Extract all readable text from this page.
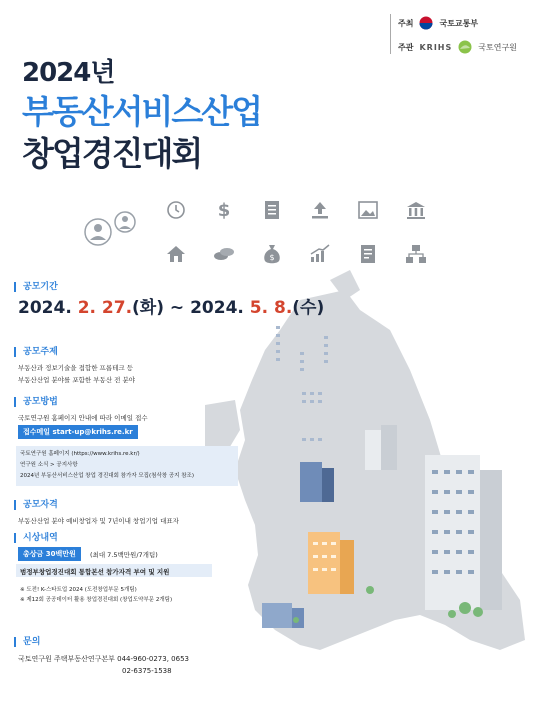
주최	국토교통부
주관 KRIHS	국토연구원
2024년
부동산서비스산업
창업경진대회
$
$
공모기간
2024. 2. 27.(화) ~ 2024. 5. 8.(수)
공모주제
부동산과 정보기술을 접합한 프롭테크 등
부동산산업 분야를 포함한 부동산 전 분야
공모방법
국토연구원 홈페이지 안내에 따라 이메일 접수
접수메일 start-up@krihs.re.kr
국토연구원 홈페이지 (https://www.krihs.re.kr/)
연구원 소식 > 공지사항
2024년 부동산서비스산업 창업 경진대회 참가자 모집(첨삭창 공지 참조)
공모자격
부동산산업 분야 예비창업자 및 7년이내 창업기업 대표자
시상내역
총상금 30백만원	(최대 7.5백만원/7개팀)
범정부창업경진대회 통합본선 참가자격 부여 및 지원
※ 도전! K-스타트업 2024 (도전창업부문 5개팀)
※ 제12회 공공데이터 활용 창업경진대회 (창업도약부문 2개팀)
문의
국토연구원 주택부동산연구본부 044-960-0273, 0653
02-6375-1538
